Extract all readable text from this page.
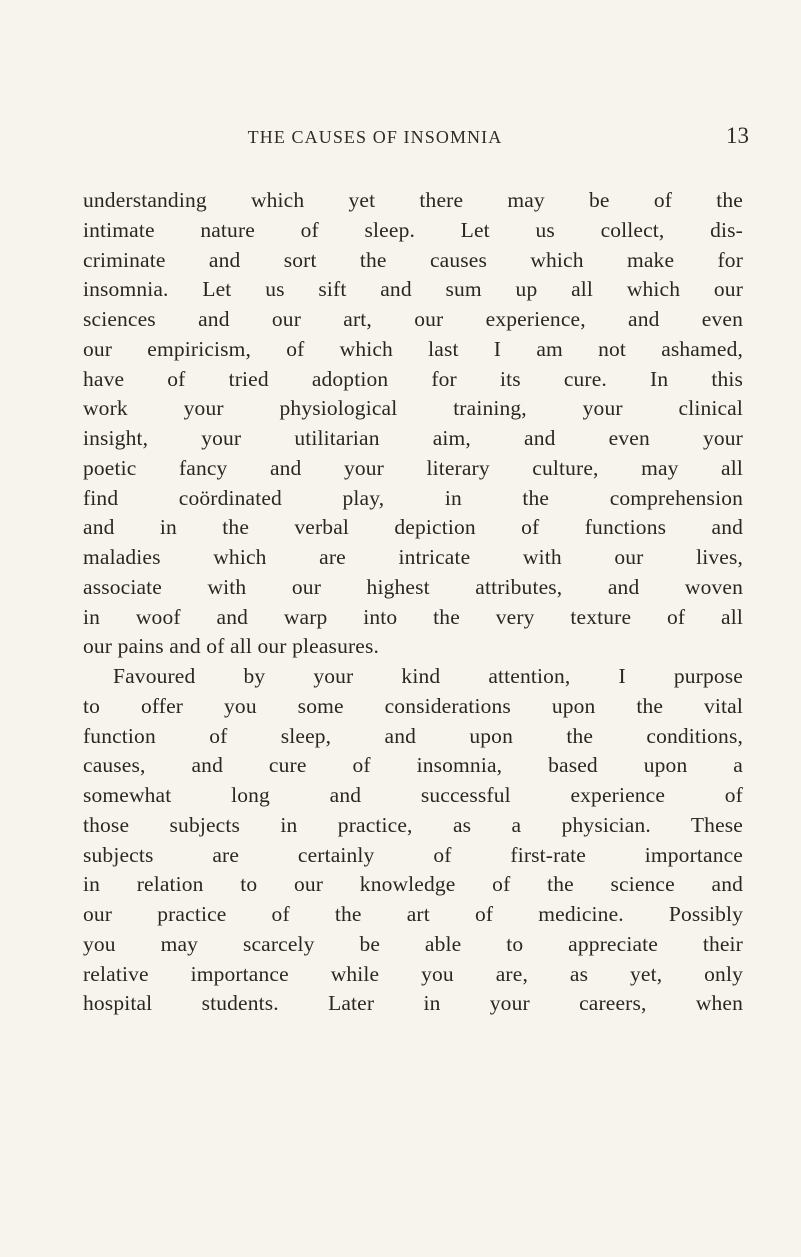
THE CAUSES OF INSOMNIA	13
understanding which yet there may be of the
intimate nature of sleep. Let us collect, dis-
criminate and sort the causes which make for
insomnia. Let us sift and sum up all which our
sciences and our art, our experience, and even
our empiricism, of which last I am not ashamed,
have of tried adoption for its cure. In this
work your physiological training, your clinical
insight, your utilitarian aim, and even your
poetic fancy and your literary culture, may all
find coördinated play, in the comprehension
and in the verbal depiction of functions and
maladies which are intricate with our lives,
associate with our highest attributes, and woven
in woof and warp into the very texture of all
our pains and of all our pleasures.
Favoured by your kind attention, I purpose
to offer you some considerations upon the vital
function of sleep, and upon the conditions,
causes, and cure of insomnia, based upon a
somewhat long and successful experience of
those subjects in practice, as a physician. These
subjects are certainly of first-rate importance
in relation to our knowledge of the science and
our practice of the art of medicine. Possibly
you may scarcely be able to appreciate their
relative importance while you are, as yet, only
hospital students. Later in your careers, when
